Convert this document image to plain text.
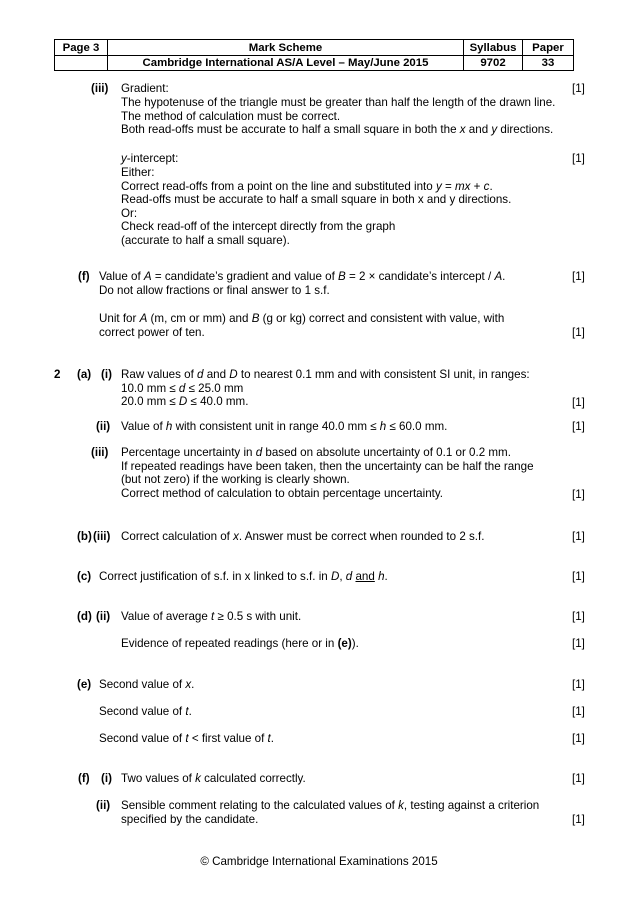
Page 3	Mark Scheme	Syllabus	Paper
	Cambridge International AS/A Level – May/June 2015	9702	33
(iii) Gradient:	[1]
The hypotenuse of the triangle must be greater than half the length of the drawn line.
The method of calculation must be correct.
Both read-offs must be accurate to half a small square in both the x and y directions.
y-intercept:	[1]
Either:
Correct read-offs from a point on the line and substituted into y = mx + c.
Read-offs must be accurate to half a small square in both x and y directions.
Or:
Check read-off of the intercept directly from the graph
(accurate to half a small square).
(f) Value of A = candidate’s gradient and value of B = 2 × candidate’s intercept / A.	[1]
Do not allow fractions or final answer to 1 s.f.
Unit for A (m, cm or mm) and B (g or kg) correct and consistent with value, with
correct power of ten.	[1]
2 (a) (i) Raw values of d and D to nearest 0.1 mm and with consistent SI unit, in ranges:
10.0 mm ≤ d ≤ 25.0 mm
20.0 mm ≤ D ≤ 40.0 mm.	[1]
(ii) Value of h with consistent unit in range 40.0 mm ≤ h ≤ 60.0 mm.	[1]
(iii) Percentage uncertainty in d based on absolute uncertainty of 0.1 or 0.2 mm.
If repeated readings have been taken, then the uncertainty can be half the range
(but not zero) if the working is clearly shown.
Correct method of calculation to obtain percentage uncertainty.	[1]
(b) (iii) Correct calculation of x. Answer must be correct when rounded to 2 s.f.	[1]
(c) Correct justification of s.f. in x linked to s.f. in D, d and h.	[1]
(d) (ii) Value of average t ≥ 0.5 s with unit.	[1]
Evidence of repeated readings (here or in (e)).	[1]
(e) Second value of x.	[1]
Second value of t.	[1]
Second value of t < first value of t.	[1]
(f) (i) Two values of k calculated correctly.	[1]
(ii) Sensible comment relating to the calculated values of k, testing against a criterion
specified by the candidate.	[1]
© Cambridge International Examinations 2015
